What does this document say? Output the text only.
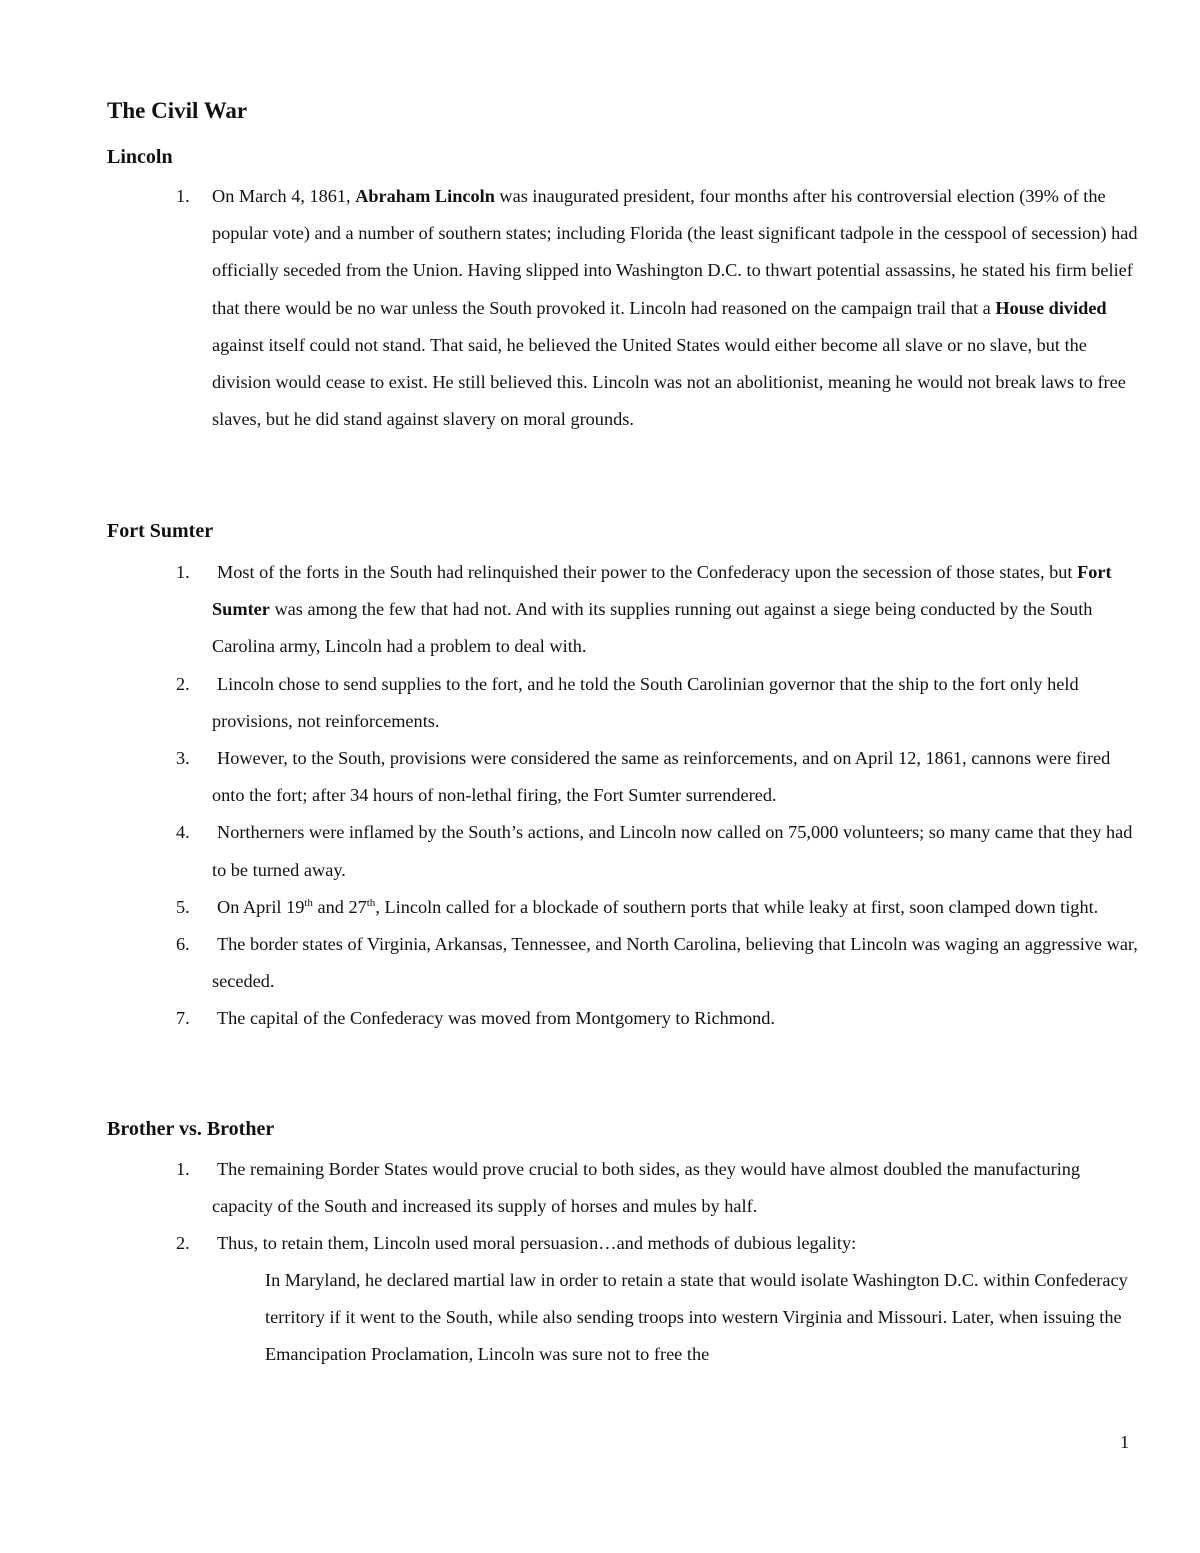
The Civil War
Lincoln
1. On March 4, 1861, Abraham Lincoln was inaugurated president, four months after his controversial election (39% of the popular vote) and a number of southern states; including Florida (the least significant tadpole in the cesspool of secession) had officially seceded from the Union. Having slipped into Washington D.C. to thwart potential assassins, he stated his firm belief that there would be no war unless the South provoked it. Lincoln had reasoned on the campaign trail that a House divided against itself could not stand. That said, he believed the United States would either become all slave or no slave, but the division would cease to exist. He still believed this. Lincoln was not an abolitionist, meaning he would not break laws to free slaves, but he did stand against slavery on moral grounds.
Fort Sumter
1. Most of the forts in the South had relinquished their power to the Confederacy upon the secession of those states, but Fort Sumter was among the few that had not. And with its supplies running out against a siege being conducted by the South Carolina army, Lincoln had a problem to deal with.
2. Lincoln chose to send supplies to the fort, and he told the South Carolinian governor that the ship to the fort only held provisions, not reinforcements.
3. However, to the South, provisions were considered the same as reinforcements, and on April 12, 1861, cannons were fired onto the fort; after 34 hours of non-lethal firing, the Fort Sumter surrendered.
4. Northerners were inflamed by the South’s actions, and Lincoln now called on 75,000 volunteers; so many came that they had to be turned away.
5. On April 19th and 27th, Lincoln called for a blockade of southern ports that while leaky at first, soon clamped down tight.
6. The border states of Virginia, Arkansas, Tennessee, and North Carolina, believing that Lincoln was waging an aggressive war, seceded.
7. The capital of the Confederacy was moved from Montgomery to Richmond.
Brother vs. Brother
1. The remaining Border States would prove crucial to both sides, as they would have almost doubled the manufacturing capacity of the South and increased its supply of horses and mules by half.
2. Thus, to retain them, Lincoln used moral persuasion…and methods of dubious legality:

In Maryland, he declared martial law in order to retain a state that would isolate Washington D.C. within Confederacy territory if it went to the South, while also sending troops into western Virginia and Missouri. Later, when issuing the Emancipation Proclamation, Lincoln was sure not to free the

1
